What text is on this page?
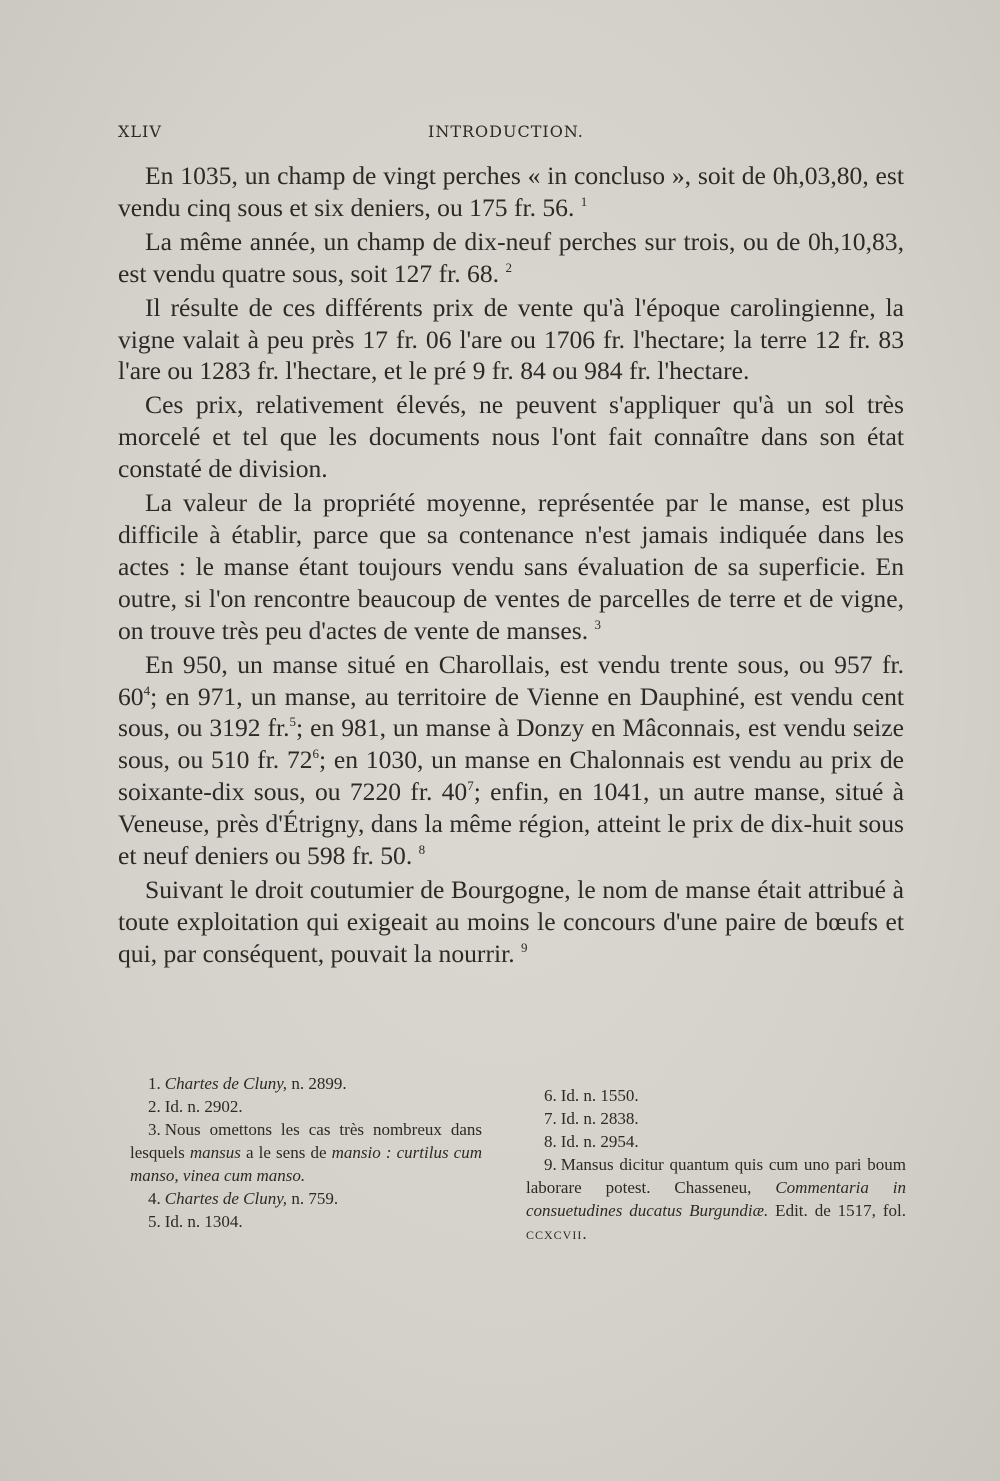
XLIV	INTRODUCTION.

En 1035, un champ de vingt perches « in concluso », soit de 0h,03,80, est vendu cinq sous et six deniers, ou 175 fr. 56. $^1$

La même année, un champ de dix-neuf perches sur trois, ou de 0h,10,83, est vendu quatre sous, soit 127 fr. 68. $^2$

Il résulte de ces différents prix de vente qu'à l'époque carolingienne, la vigne valait à peu près 17 fr. 06 l'are ou 1706 fr. l'hectare; la terre 12 fr. 83 l'are ou 1283 fr. l'hectare, et le pré 9 fr. 84 ou 984 fr. l'hectare.

Ces prix, relativement élevés, ne peuvent s'appliquer qu'à un sol très morcelé et tel que les documents nous l'ont fait connaître dans son état constaté de division.

La valeur de la propriété moyenne, représentée par le manse, est plus difficile à établir, parce que sa contenance n'est jamais indiquée dans les actes : le manse étant toujours vendu sans évaluation de sa superficie. En outre, si l'on rencontre beaucoup de ventes de parcelles de terre et de vigne, on trouve très peu d'actes de vente de manses. $^3$

En 950, un manse situé en Charollais, est vendu trente sous, ou 957 fr. $60^4$; en 971, un manse, au territoire de Vienne en Dauphiné, est vendu cent sous, ou 3192 fr.$^5$; en 981, un manse à Donzy en Mâconnais, est vendu seize sous, ou 510 fr. $72^6$; en 1030, un manse en Chalonnais est vendu au prix de soixante-dix sous, ou 7220 fr. $40^7$; enfin, en 1041, un autre manse, situé à Veneuse, près d'Étrigny, dans la même région, atteint le prix de dix-huit sous et neuf deniers ou 598 fr. 50. $^8$

Suivant le droit coutumier de Bourgogne, le nom de manse était attribué à toute exploitation qui exigeait au moins le concours d'une paire de bœufs et qui, par conséquent, pouvait la nourrir. $^9$

1. Chartes de Cluny, n. 2899.
2. Id. n. 2902.
3. Nous omettons les cas très nombreux dans lesquels mansus a le sens de mansio : curtilus cum manso, vinea cum manso.
4. Chartes de Cluny, n. 759.
5. Id. n. 1304.
6. Id. n. 1550.
7. Id. n. 2838.
8. Id. n. 2954.
9. Mansus dicitur quantum quis cum uno pari boum laborare potest. Chasseneu, Commentaria in consuetudines ducatus Burgundiæ. Edit. de 1517, fol. ccxcvii.
